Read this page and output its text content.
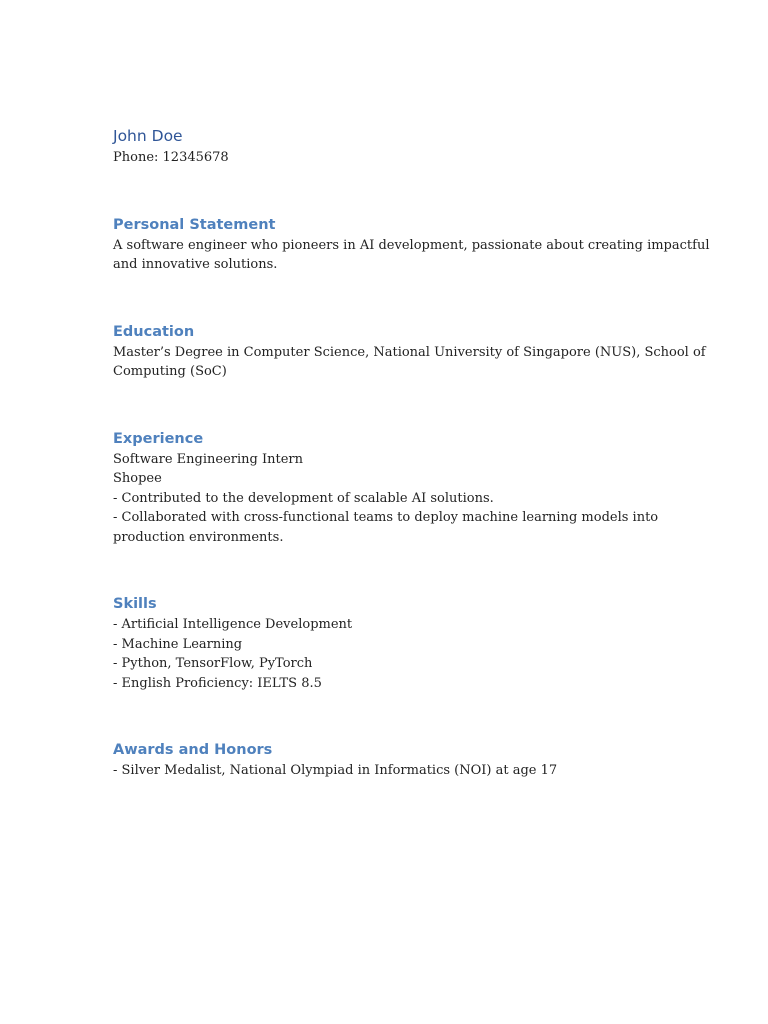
John Doe

Phone: 12345678

Personal Statement

A software engineer who pioneers in AI development, passionate about creating impactful

and innovative solutions.

Education

Master’s Degree in Computer Science, National University of Singapore (NUS), School of

Computing (SoC)

Experience

Software Engineering Intern

Shopee

- Contributed to the development of scalable AI solutions.

- Collaborated with cross-functional teams to deploy machine learning models into

production environments.

Skills

- Artificial Intelligence Development

- Machine Learning

- Python, TensorFlow, PyTorch

- English Proficiency: IELTS 8.5

Awards and Honors

- Silver Medalist, National Olympiad in Informatics (NOI) at age 17
